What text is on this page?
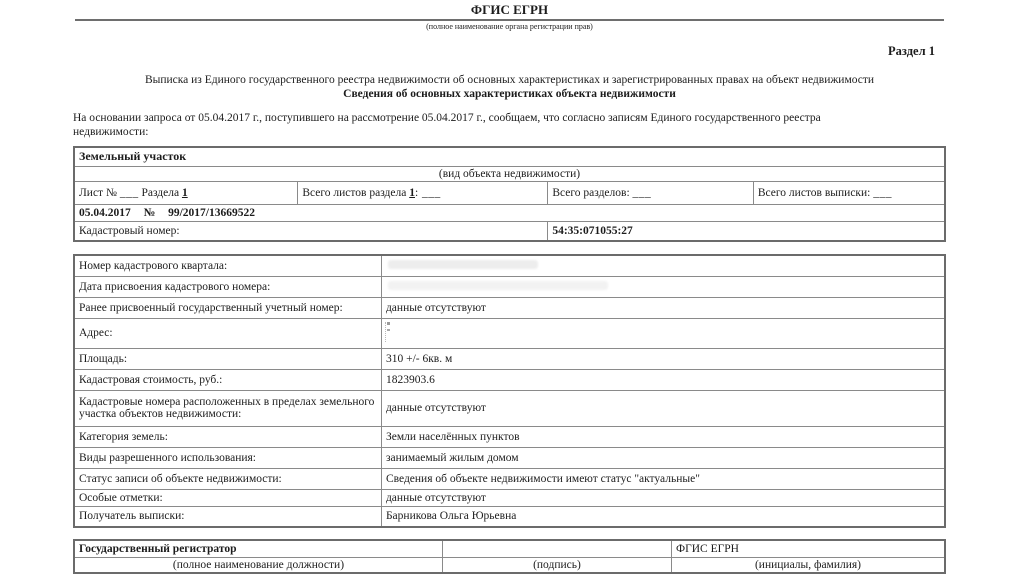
ФГИС ЕГРН
(полное наименование органа регистрации прав)
Раздел 1
Выписка из Единого государственного реестра недвижимости об основных характеристиках и зарегистрированных правах на объект недвижимости
Сведения об основных характеристиках объекта недвижимости
На основании запроса от 05.04.2017 г., поступившего на рассмотрение 05.04.2017 г., сообщаем, что согласно записям Единого государственного реестра
недвижимости:
Земельный участок			
(вид объекта недвижимости)			
Лист № ___ Раздела 1	Всего листов раздела 1: ___	Всего разделов: ___	Всего листов выписки: ___
05.04.2017 № 99/2017/13669522			
Кадастровый номер:		54:35:071055:27	
Номер кадастрового квартала:	

Дата присвоения кадастрового номера:	

Ранее присвоенный государственный учетный номер:	данные отсутствуют
Адрес:	

Площадь:	310 +/- 6кв. м
Кадастровая стоимость, руб.:	1823903.6
Кадастровые номера расположенных в пределах земельного участка объектов недвижимости:	данные отсутствуют
Категория земель:	Земли населённых пунктов
Виды разрешенного использования:	занимаемый жилым домом
Статус записи об объекте недвижимости:	Сведения об объекте недвижимости имеют статус "актуальные"
Особые отметки:	данные отсутствуют
Получатель выписки:	Барникова Ольга Юрьевна
Государственный регистратор		ФГИС ЕГРН
(полное наименование должности)	(подпись)	(инициалы, фамилия)
